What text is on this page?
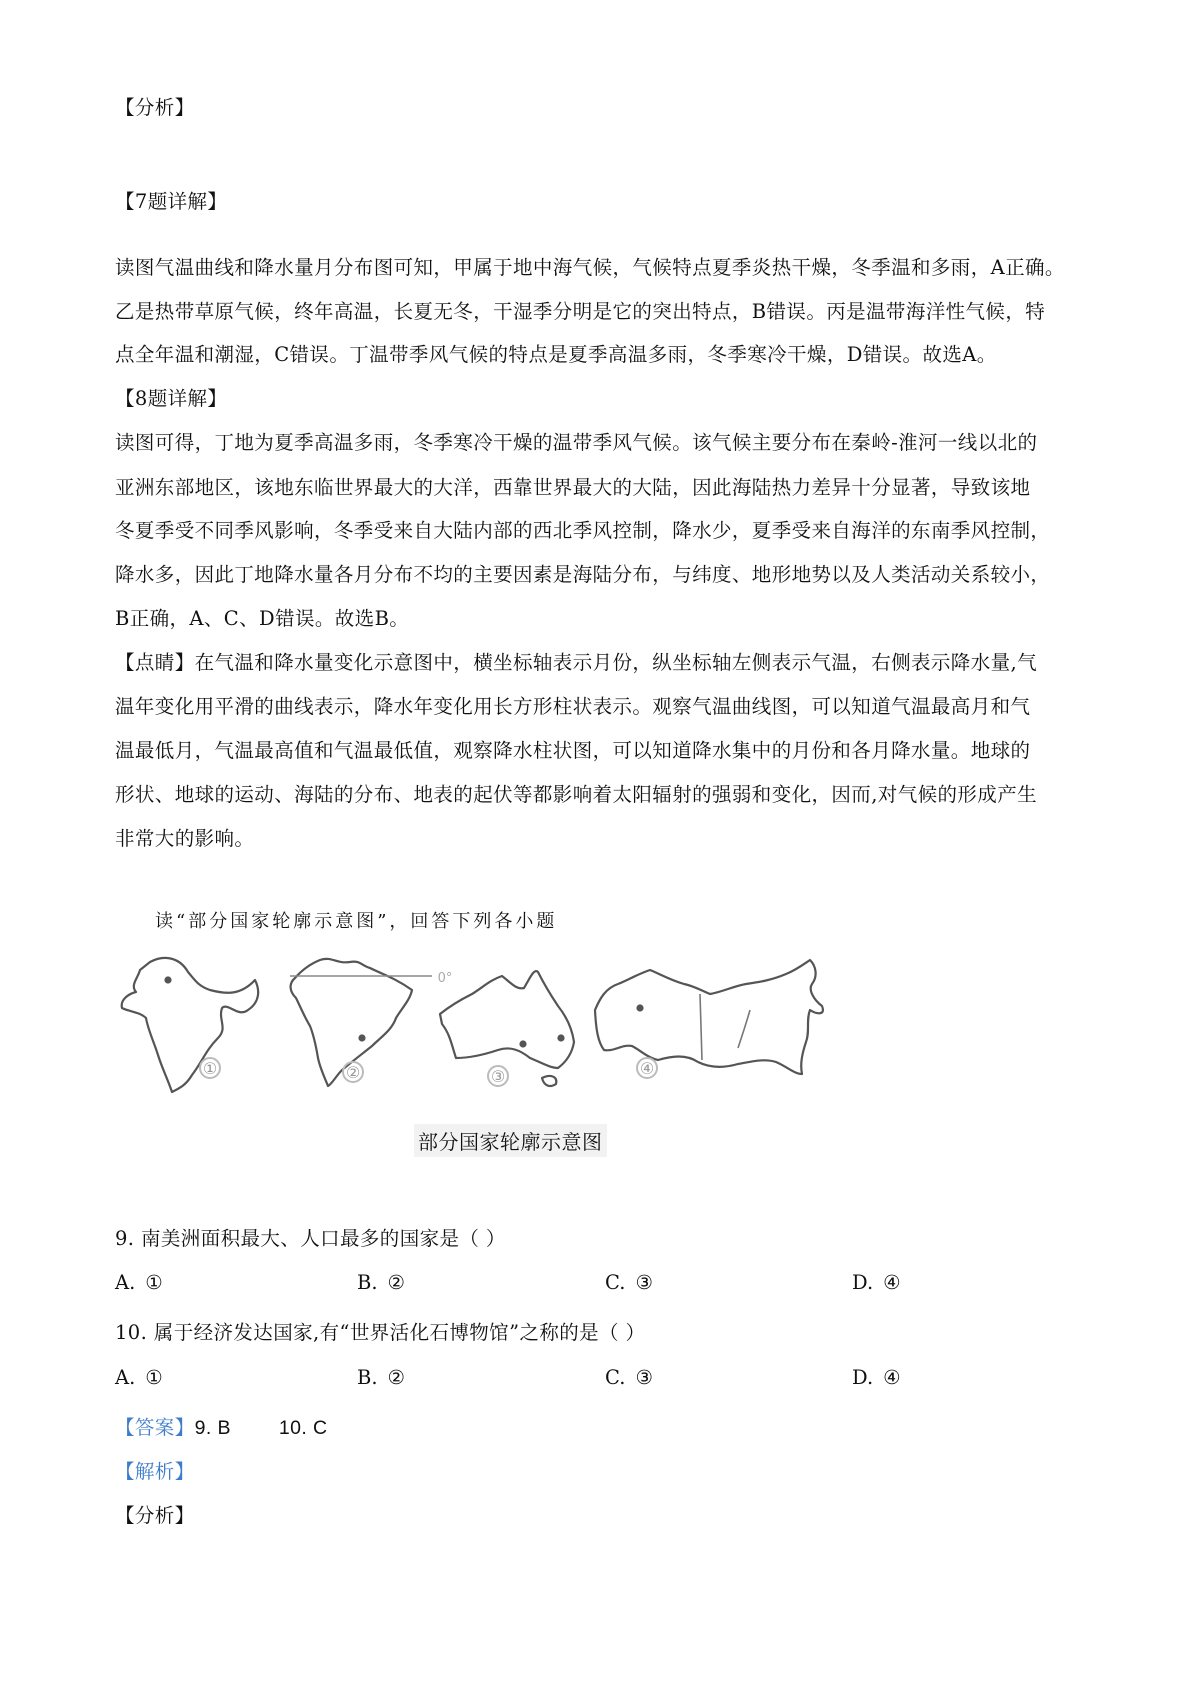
【分析】
【7题详解】
读图气温曲线和降水量月分布图可知，甲属于地中海气候，气候特点夏季炎热干燥，冬季温和多雨，A正确。
乙是热带草原气候，终年高温，长夏无冬，干湿季分明是它的突出特点，B错误。丙是温带海洋性气候，特
点全年温和潮湿，C错误。丁温带季风气候的特点是夏季高温多雨，冬季寒冷干燥，D错误。故选A。
【8题详解】
读图可得，丁地为夏季高温多雨，冬季寒冷干燥的温带季风气候。该气候主要分布在秦岭-淮河一线以北的
亚洲东部地区，该地东临世界最大的大洋，西靠世界最大的大陆，因此海陆热力差异十分显著，导致该地
冬夏季受不同季风影响，冬季受来自大陆内部的西北季风控制，降水少，夏季受来自海洋的东南季风控制，
降水多，因此丁地降水量各月分布不均的主要因素是海陆分布，与纬度、地形地势以及人类活动关系较小，
B正确，A、C、D错误。故选B。
【点睛】在气温和降水量变化示意图中，横坐标轴表示月份，纵坐标轴左侧表示气温，右侧表示降水量,气
温年变化用平滑的曲线表示，降水年变化用长方形柱状表示。观察气温曲线图，可以知道气温最高月和气
温最低月，气温最高值和气温最低值，观察降水柱状图，可以知道降水集中的月份和各月降水量。地球的
形状、地球的运动、海陆的分布、地表的起伏等都影响着太阳辐射的强弱和变化，因而,对气候的形成产生
非常大的影响。
读“部分国家轮廓示意图”，回答下列各小题
①	②	③	④
0°
部分国家轮廓示意图
9. 南美洲面积最大、人口最多的国家是（ ）
A. ①	B. ②	C. ③	D. ④
10. 属于经济发达国家,有“世界活化石博物馆”之称的是（ ）
A. ①	B. ②	C. ③	D. ④
【答案】9. B 10. C
【解析】
【分析】
